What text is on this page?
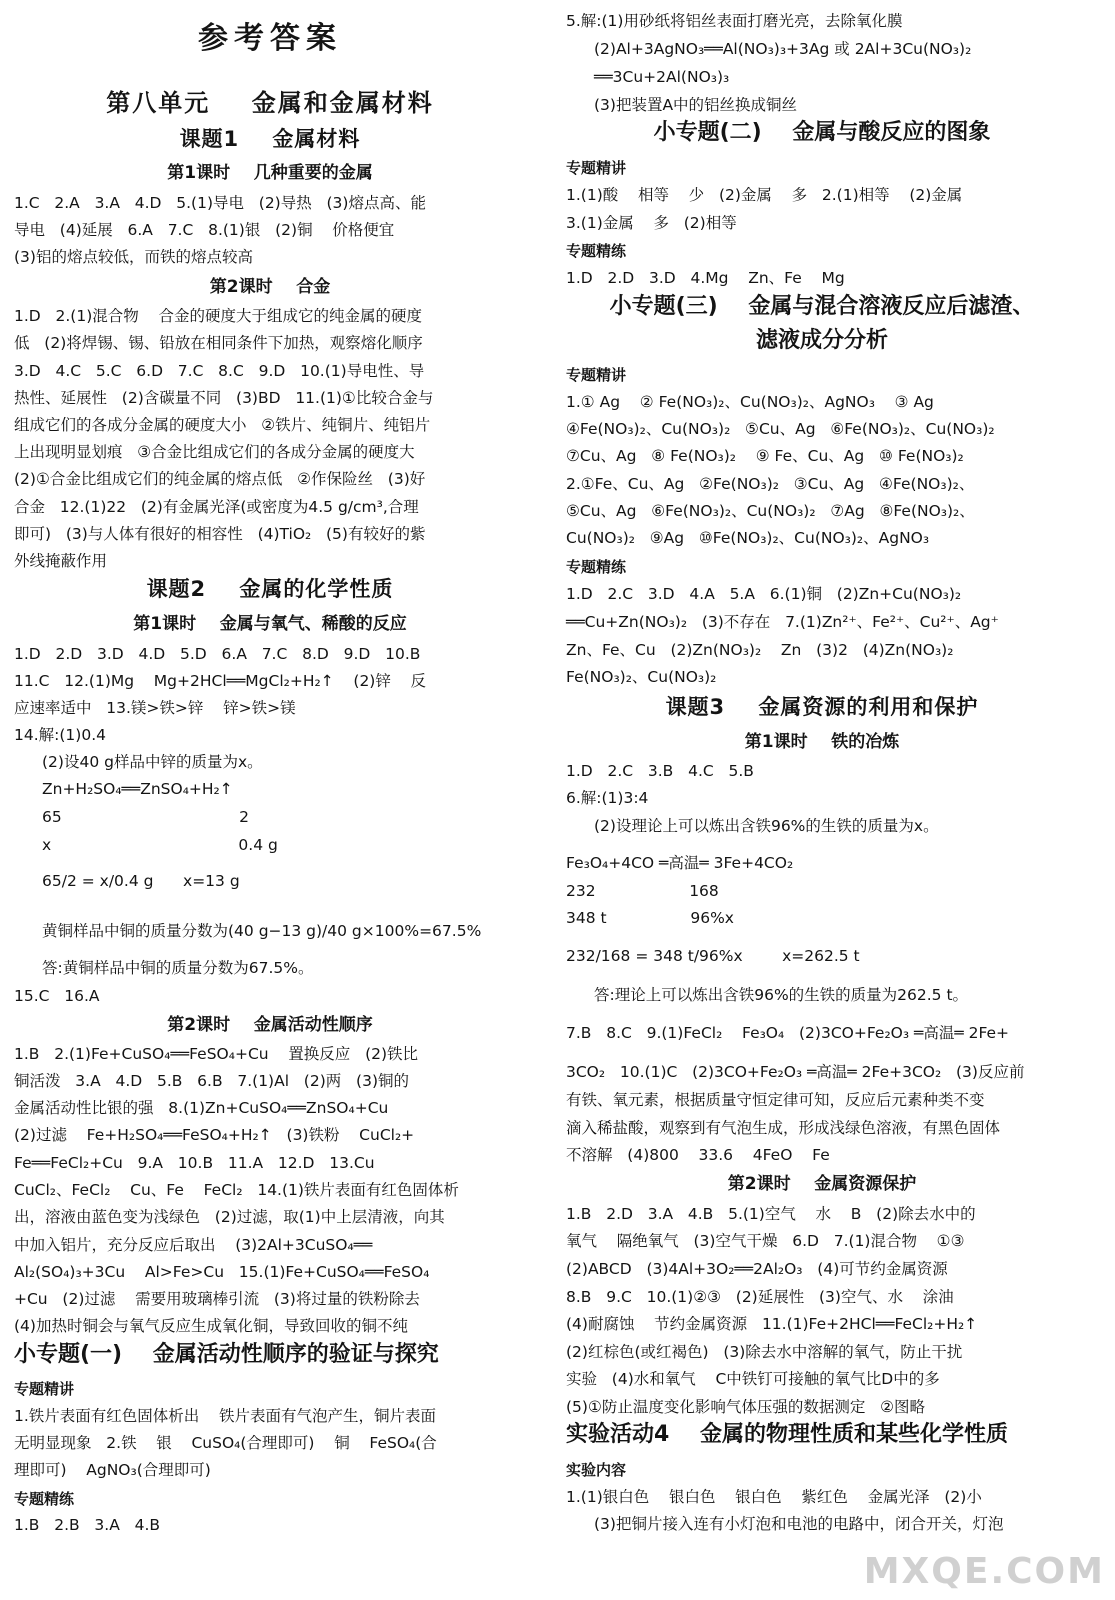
参考答案
第八单元    金属和金属材料
课题1    金属材料
第1课时    几种重要的金属
1.C   2.A   3.A   4.D   5.(1)导电   (2)导热   (3)熔点高、能
导电   (4)延展   6.A   7.C   8.(1)银   (2)铜    价格便宜
(3)铝的熔点较低，而铁的熔点较高
第2课时    合金
1.D   2.(1)混合物    合金的硬度大于组成它的纯金属的硬度
低   (2)将焊锡、锡、铅放在相同条件下加热，观察熔化顺序
3.D   4.C   5.C   6.D   7.C   8.C   9.D   10.(1)导电性、导
热性、延展性   (2)含碳量不同   (3)BD   11.(1)①比较合金与
组成它们的各成分金属的硬度大小   ②铁片、纯铜片、纯铝片
上出现明显划痕   ③合金比组成它们的各成分金属的硬度大
(2)①合金比组成它们的纯金属的熔点低   ②作保险丝   (3)好
合金   12.(1)22   (2)有金属光泽(或密度为4.5 g/cm³,合理
即可)   (3)与人体有很好的相容性   (4)TiO₂   (5)有较好的紫
外线掩蔽作用
课题2    金属的化学性质
第1课时    金属与氧气、稀酸的反应
1.D   2.D   3.D   4.D   5.D   6.A   7.C   8.D   9.D   10.B
11.C   12.(1)Mg    Mg+2HCl══MgCl₂+H₂↑    (2)锌    反
应速率适中   13.镁>铁>锌    锌>铁>镁
14.解:(1)0.4
(2)设40 g样品中锌的质量为x。
Zn+H₂SO₄══ZnSO₄+H₂↑
65                                    2
x                                      0.4 g
65/2 = x/0.4 g      x=13 g
黄铜样品中铜的质量分数为(40 g−13 g)/40 g×100%=67.5%
答:黄铜样品中铜的质量分数为67.5%。
15.C   16.A
第2课时    金属活动性顺序
1.B   2.(1)Fe+CuSO₄══FeSO₄+Cu    置换反应   (2)铁比
铜活泼   3.A   4.D   5.B   6.B   7.(1)Al   (2)两   (3)铜的
金属活动性比银的强   8.(1)Zn+CuSO₄══ZnSO₄+Cu
(2)过滤    Fe+H₂SO₄══FeSO₄+H₂↑   (3)铁粉    CuCl₂+
Fe══FeCl₂+Cu   9.A   10.B   11.A   12.D   13.Cu
CuCl₂、FeCl₂    Cu、Fe    FeCl₂   14.(1)铁片表面有红色固体析
出，溶液由蓝色变为浅绿色   (2)过滤，取(1)中上层清液，向其
中加入铝片，充分反应后取出    (3)2Al+3CuSO₄══
Al₂(SO₄)₃+3Cu    Al>Fe>Cu   15.(1)Fe+CuSO₄══FeSO₄
+Cu   (2)过滤    需要用玻璃棒引流   (3)将过量的铁粉除去
(4)加热时铜会与氧气反应生成氧化铜，导致回收的铜不纯
小专题(一)    金属活动性顺序的验证与探究
专题精讲
1.铁片表面有红色固体析出    铁片表面有气泡产生，铜片表面
无明显现象   2.铁    银    CuSO₄(合理即可)    铜    FeSO₄(合
理即可)    AgNO₃(合理即可)
专题精练
1.B   2.B   3.A   4.B
5.解:(1)用砂纸将铝丝表面打磨光亮，去除氧化膜
(2)Al+3AgNO₃══Al(NO₃)₃+3Ag 或 2Al+3Cu(NO₃)₂
══3Cu+2Al(NO₃)₃
(3)把装置A中的铝丝换成铜丝
小专题(二)    金属与酸反应的图象
专题精讲
1.(1)酸    相等    少   (2)金属    多   2.(1)相等    (2)金属
3.(1)金属    多   (2)相等
专题精练
1.D   2.D   3.D   4.Mg    Zn、Fe    Mg
小专题(三)    金属与混合溶液反应后滤渣、
滤液成分分析
专题精讲
1.① Ag    ② Fe(NO₃)₂、Cu(NO₃)₂、AgNO₃    ③ Ag
④Fe(NO₃)₂、Cu(NO₃)₂   ⑤Cu、Ag   ⑥Fe(NO₃)₂、Cu(NO₃)₂
⑦Cu、Ag   ⑧ Fe(NO₃)₂    ⑨ Fe、Cu、Ag   ⑩ Fe(NO₃)₂
2.①Fe、Cu、Ag   ②Fe(NO₃)₂   ③Cu、Ag   ④Fe(NO₃)₂、
⑤Cu、Ag   ⑥Fe(NO₃)₂、Cu(NO₃)₂   ⑦Ag   ⑧Fe(NO₃)₂、
Cu(NO₃)₂   ⑨Ag   ⑩Fe(NO₃)₂、Cu(NO₃)₂、AgNO₃
专题精练
1.D   2.C   3.D   4.A   5.A   6.(1)铜   (2)Zn+Cu(NO₃)₂
══Cu+Zn(NO₃)₂   (3)不存在   7.(1)Zn²⁺、Fe²⁺、Cu²⁺、Ag⁺
Zn、Fe、Cu   (2)Zn(NO₃)₂    Zn   (3)2   (4)Zn(NO₃)₂
Fe(NO₃)₂、Cu(NO₃)₂
课题3    金属资源的利用和保护
第1课时    铁的冶炼
1.D   2.C   3.B   4.C   5.B
6.解:(1)3:4
(2)设理论上可以炼出含铁96%的生铁的质量为x。
Fe₃O₄+4CO ═高温═ 3Fe+4CO₂
232                   168
348 t                 96%x
232/168 = 348 t/96%x        x=262.5 t
答:理论上可以炼出含铁96%的生铁的质量为262.5 t。
7.B   8.C   9.(1)FeCl₂    Fe₃O₄   (2)3CO+Fe₂O₃ ═高温═ 2Fe+
3CO₂   10.(1)C   (2)3CO+Fe₂O₃ ═高温═ 2Fe+3CO₂   (3)反应前
有铁、氧元素，根据质量守恒定律可知，反应后元素种类不变
滴入稀盐酸，观察到有气泡生成，形成浅绿色溶液，有黑色固体
不溶解   (4)800    33.6    4FeO    Fe
第2课时    金属资源保护
1.B   2.D   3.A   4.B   5.(1)空气    水    B   (2)除去水中的
氧气    隔绝氧气   (3)空气干燥   6.D   7.(1)混合物    ①③
(2)ABCD   (3)4Al+3O₂══2Al₂O₃   (4)可节约金属资源
8.B   9.C   10.(1)②③   (2)延展性   (3)空气、水    涂油
(4)耐腐蚀    节约金属资源   11.(1)Fe+2HCl══FeCl₂+H₂↑
(2)红棕色(或红褐色)   (3)除去水中溶解的氧气，防止干扰
实验   (4)水和氧气    C中铁钉可接触的氧气比D中的多
(5)①防止温度变化影响气体压强的数据测定   ②图略
实验活动4    金属的物理性质和某些化学性质
实验内容
1.(1)银白色    银白色    银白色    紫红色    金属光泽   (2)小
(3)把铜片接入连有小灯泡和电池的电路中，闭合开关，灯泡
MXQE.COM
